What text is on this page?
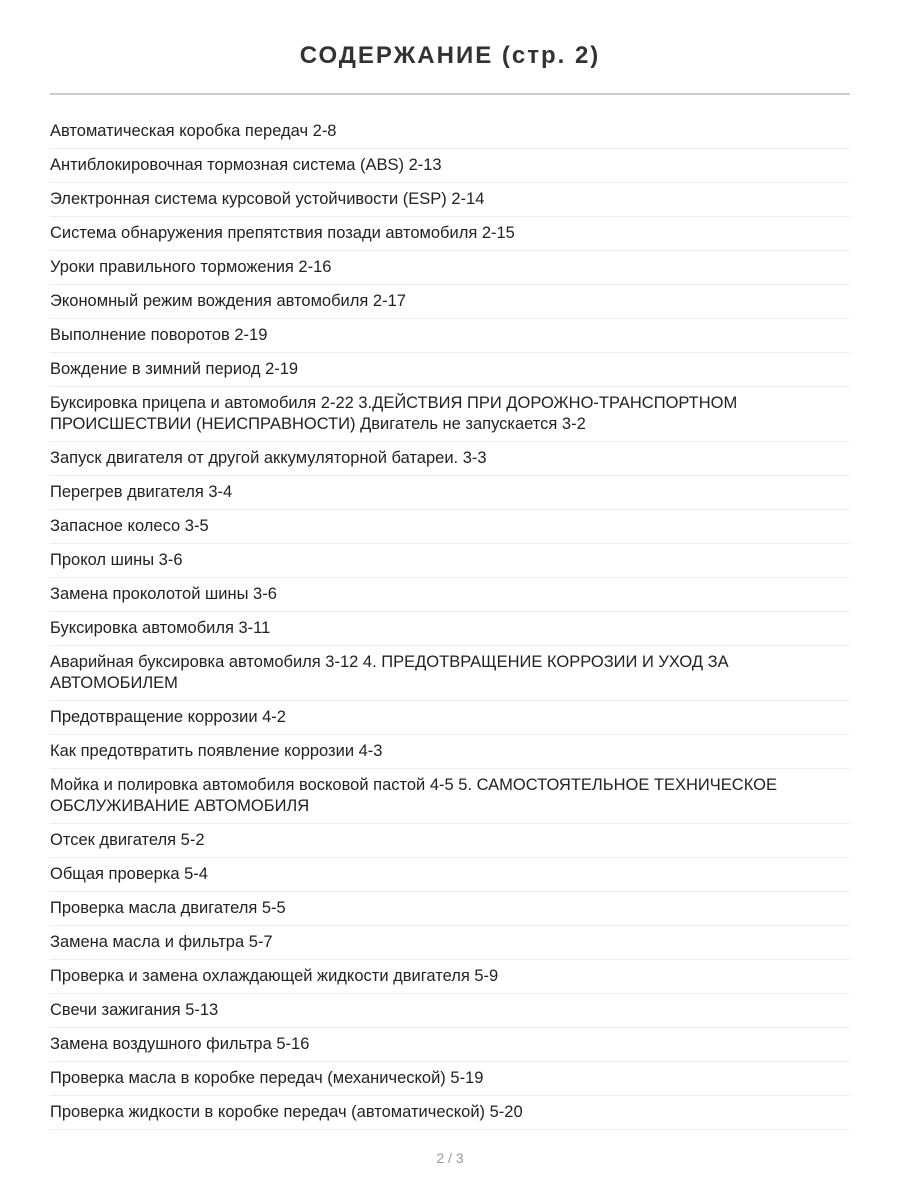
СОДЕРЖАНИЕ (стр. 2)
Автоматическая коробка передач 2-8
Антиблокировочная тормозная система (ABS) 2-13
Электронная система курсовой устойчивости (ESP) 2-14
Система обнаружения препятствия позади автомобиля 2-15
Уроки правильного торможения 2-16
Экономный режим вождения автомобиля 2-17
Выполнение поворотов 2-19
Вождение в зимний период 2-19
Буксировка прицепа и автомобиля 2-22 3.ДЕЙСТВИЯ ПРИ ДОРОЖНО-ТРАНСПОРТНОМ ПРОИСШЕСТВИИ (НЕИСПРАВНОСТИ) Двигатель не запускается 3-2
Запуск двигателя от другой аккумуляторной батареи. 3-3
Перегрев двигателя 3-4
Запасное колесо 3-5
Прокол шины 3-6
Замена проколотой шины 3-6
Буксировка автомобиля 3-11
Аварийная буксировка автомобиля 3-12 4. ПРЕДОТВРАЩЕНИЕ КОРРОЗИИ И УХОД ЗА АВТОМОБИЛЕМ
Предотвращение коррозии 4-2
Как предотвратить появление коррозии 4-3
Мойка и полировка автомобиля восковой пастой 4-5 5. САМОСТОЯТЕЛЬНОЕ ТЕХНИЧЕСКОЕ ОБСЛУЖИВАНИЕ АВТОМОБИЛЯ
Отсек двигателя 5-2
Общая проверка 5-4
Проверка масла двигателя 5-5
Замена масла и фильтра 5-7
Проверка и замена охлаждающей жидкости двигателя 5-9
Свечи зажигания 5-13
Замена воздушного фильтра 5-16
Проверка масла в коробке передач (механической) 5-19
Проверка жидкости в коробке передач (автоматической) 5-20
2 / 3
